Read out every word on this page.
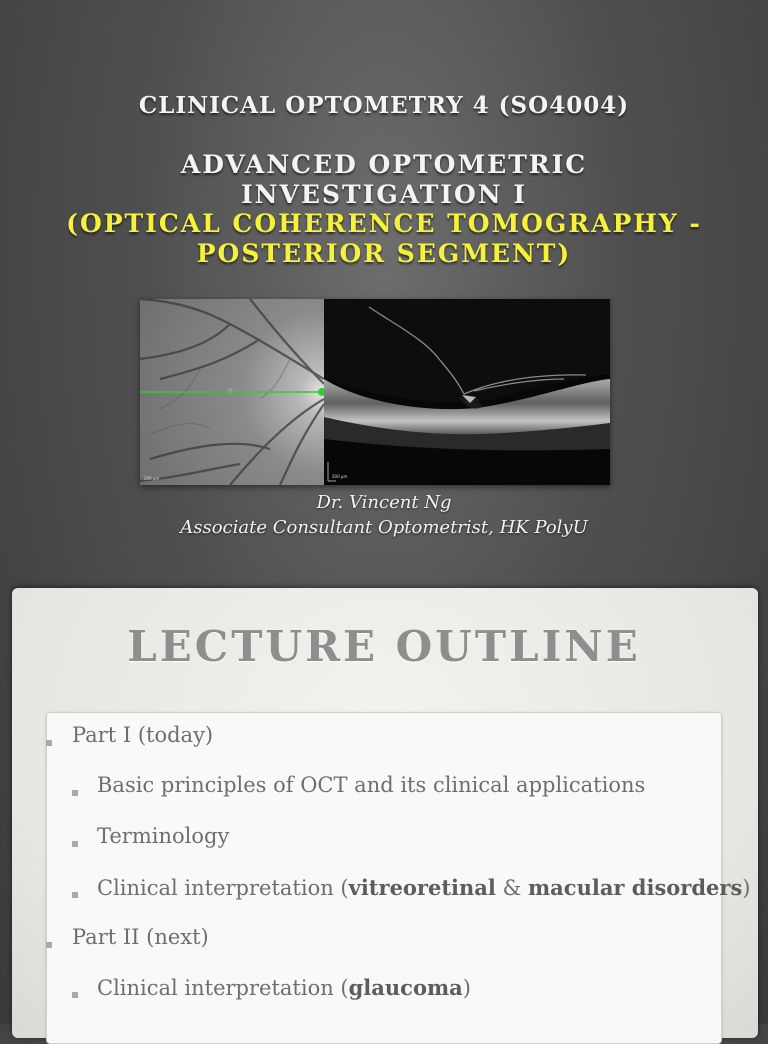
CLINICAL OPTOMETRY 4 (SO4004)
ADVANCED OPTOMETRIC
INVESTIGATION I
(OPTICAL COHERENCE TOMOGRAPHY -
POSTERIOR SEGMENT)
200 µm	200 µm
Dr. Vincent Ng
Associate Consultant Optometrist, HK PolyU
LECTURE OUTLINE
Part I (today)
Basic principles of OCT and its clinical applications
Terminology
Clinical interpretation (vitreoretinal & macular disorders)
Part II (next)
Clinical interpretation (glaucoma)
